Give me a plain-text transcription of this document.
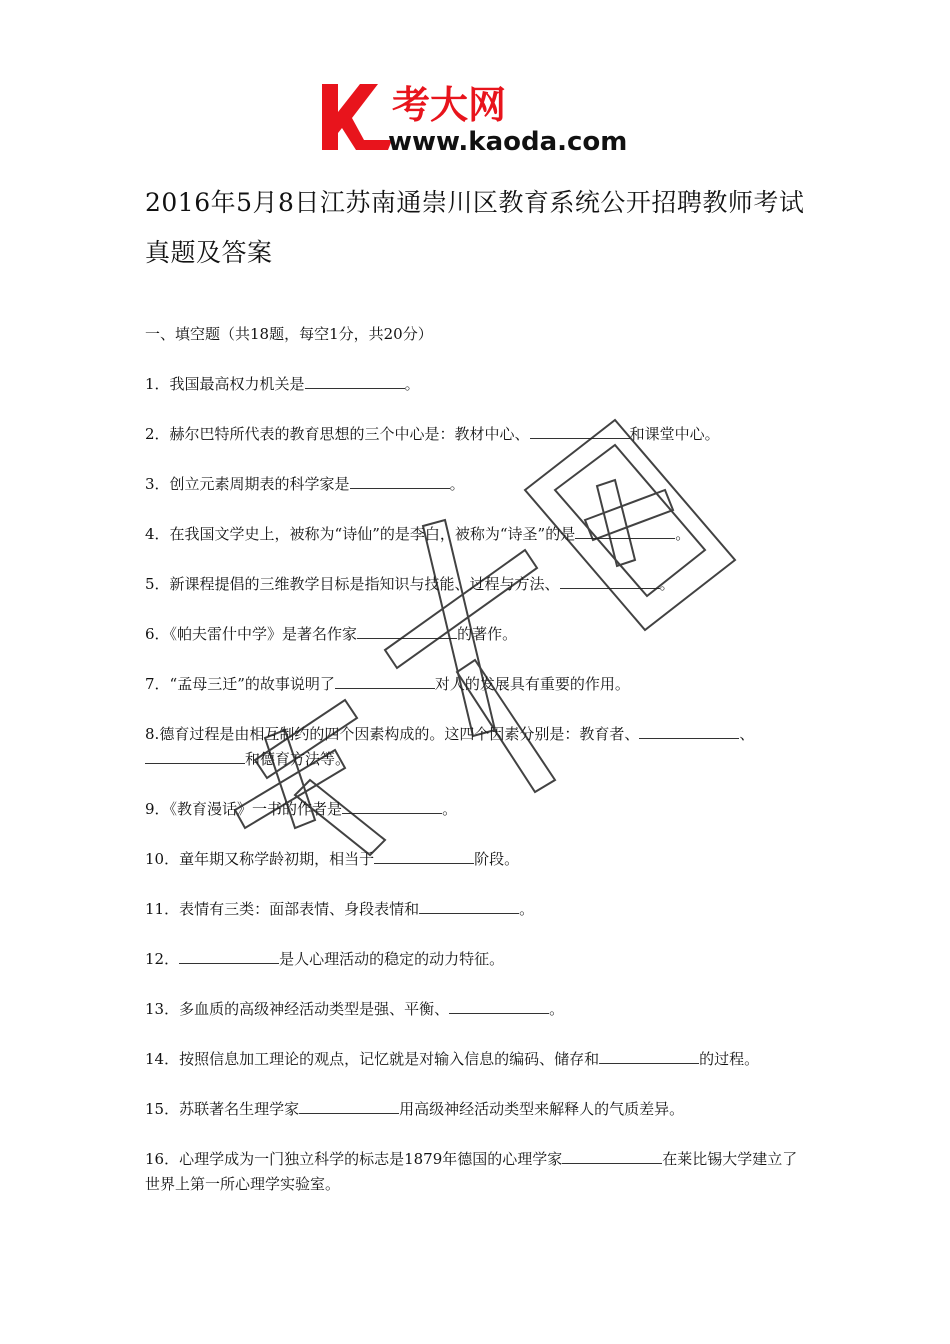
考大网
www.kaoda.com
2016年5月8日江苏南通崇川区教育系统公开招聘教师考试真题及答案
一、填空题（共18题，每空1分，共20分）
1．我国最高权力机关是	。
2．赫尔巴特所代表的教育思想的三个中心是：教材中心、	和课堂中心。
3．创立元素周期表的科学家是	。
4．在我国文学史上，被称为“诗仙”的是李白，被称为“诗圣”的是	。
5．新课程提倡的三维教学目标是指知识与技能、过程与方法、	。
6．《帕夫雷什中学》是著名作家	的著作。
7．“孟母三迁”的故事说明了	对人的发展具有重要的作用。
8.德育过程是由相互制约的四个因素构成的。这四个因素分别是：教育者、	、和德育方法等。
9．《教育漫话》一书的作者是	。
10．童年期又称学龄初期，相当于	阶段。
11．表情有三类：面部表情、身段表情和	。
12．	是人心理活动的稳定的动力特征。
13．多血质的高级神经活动类型是强、平衡、	。
14．按照信息加工理论的观点，记忆就是对输入信息的编码、储存和	的过程。
15．苏联著名生理学家	用高级神经活动类型来解释人的气质差异。
16．心理学成为一门独立科学的标志是1879年德国的心理学家	在莱比锡大学建立了世界上第一所心理学实验室。
